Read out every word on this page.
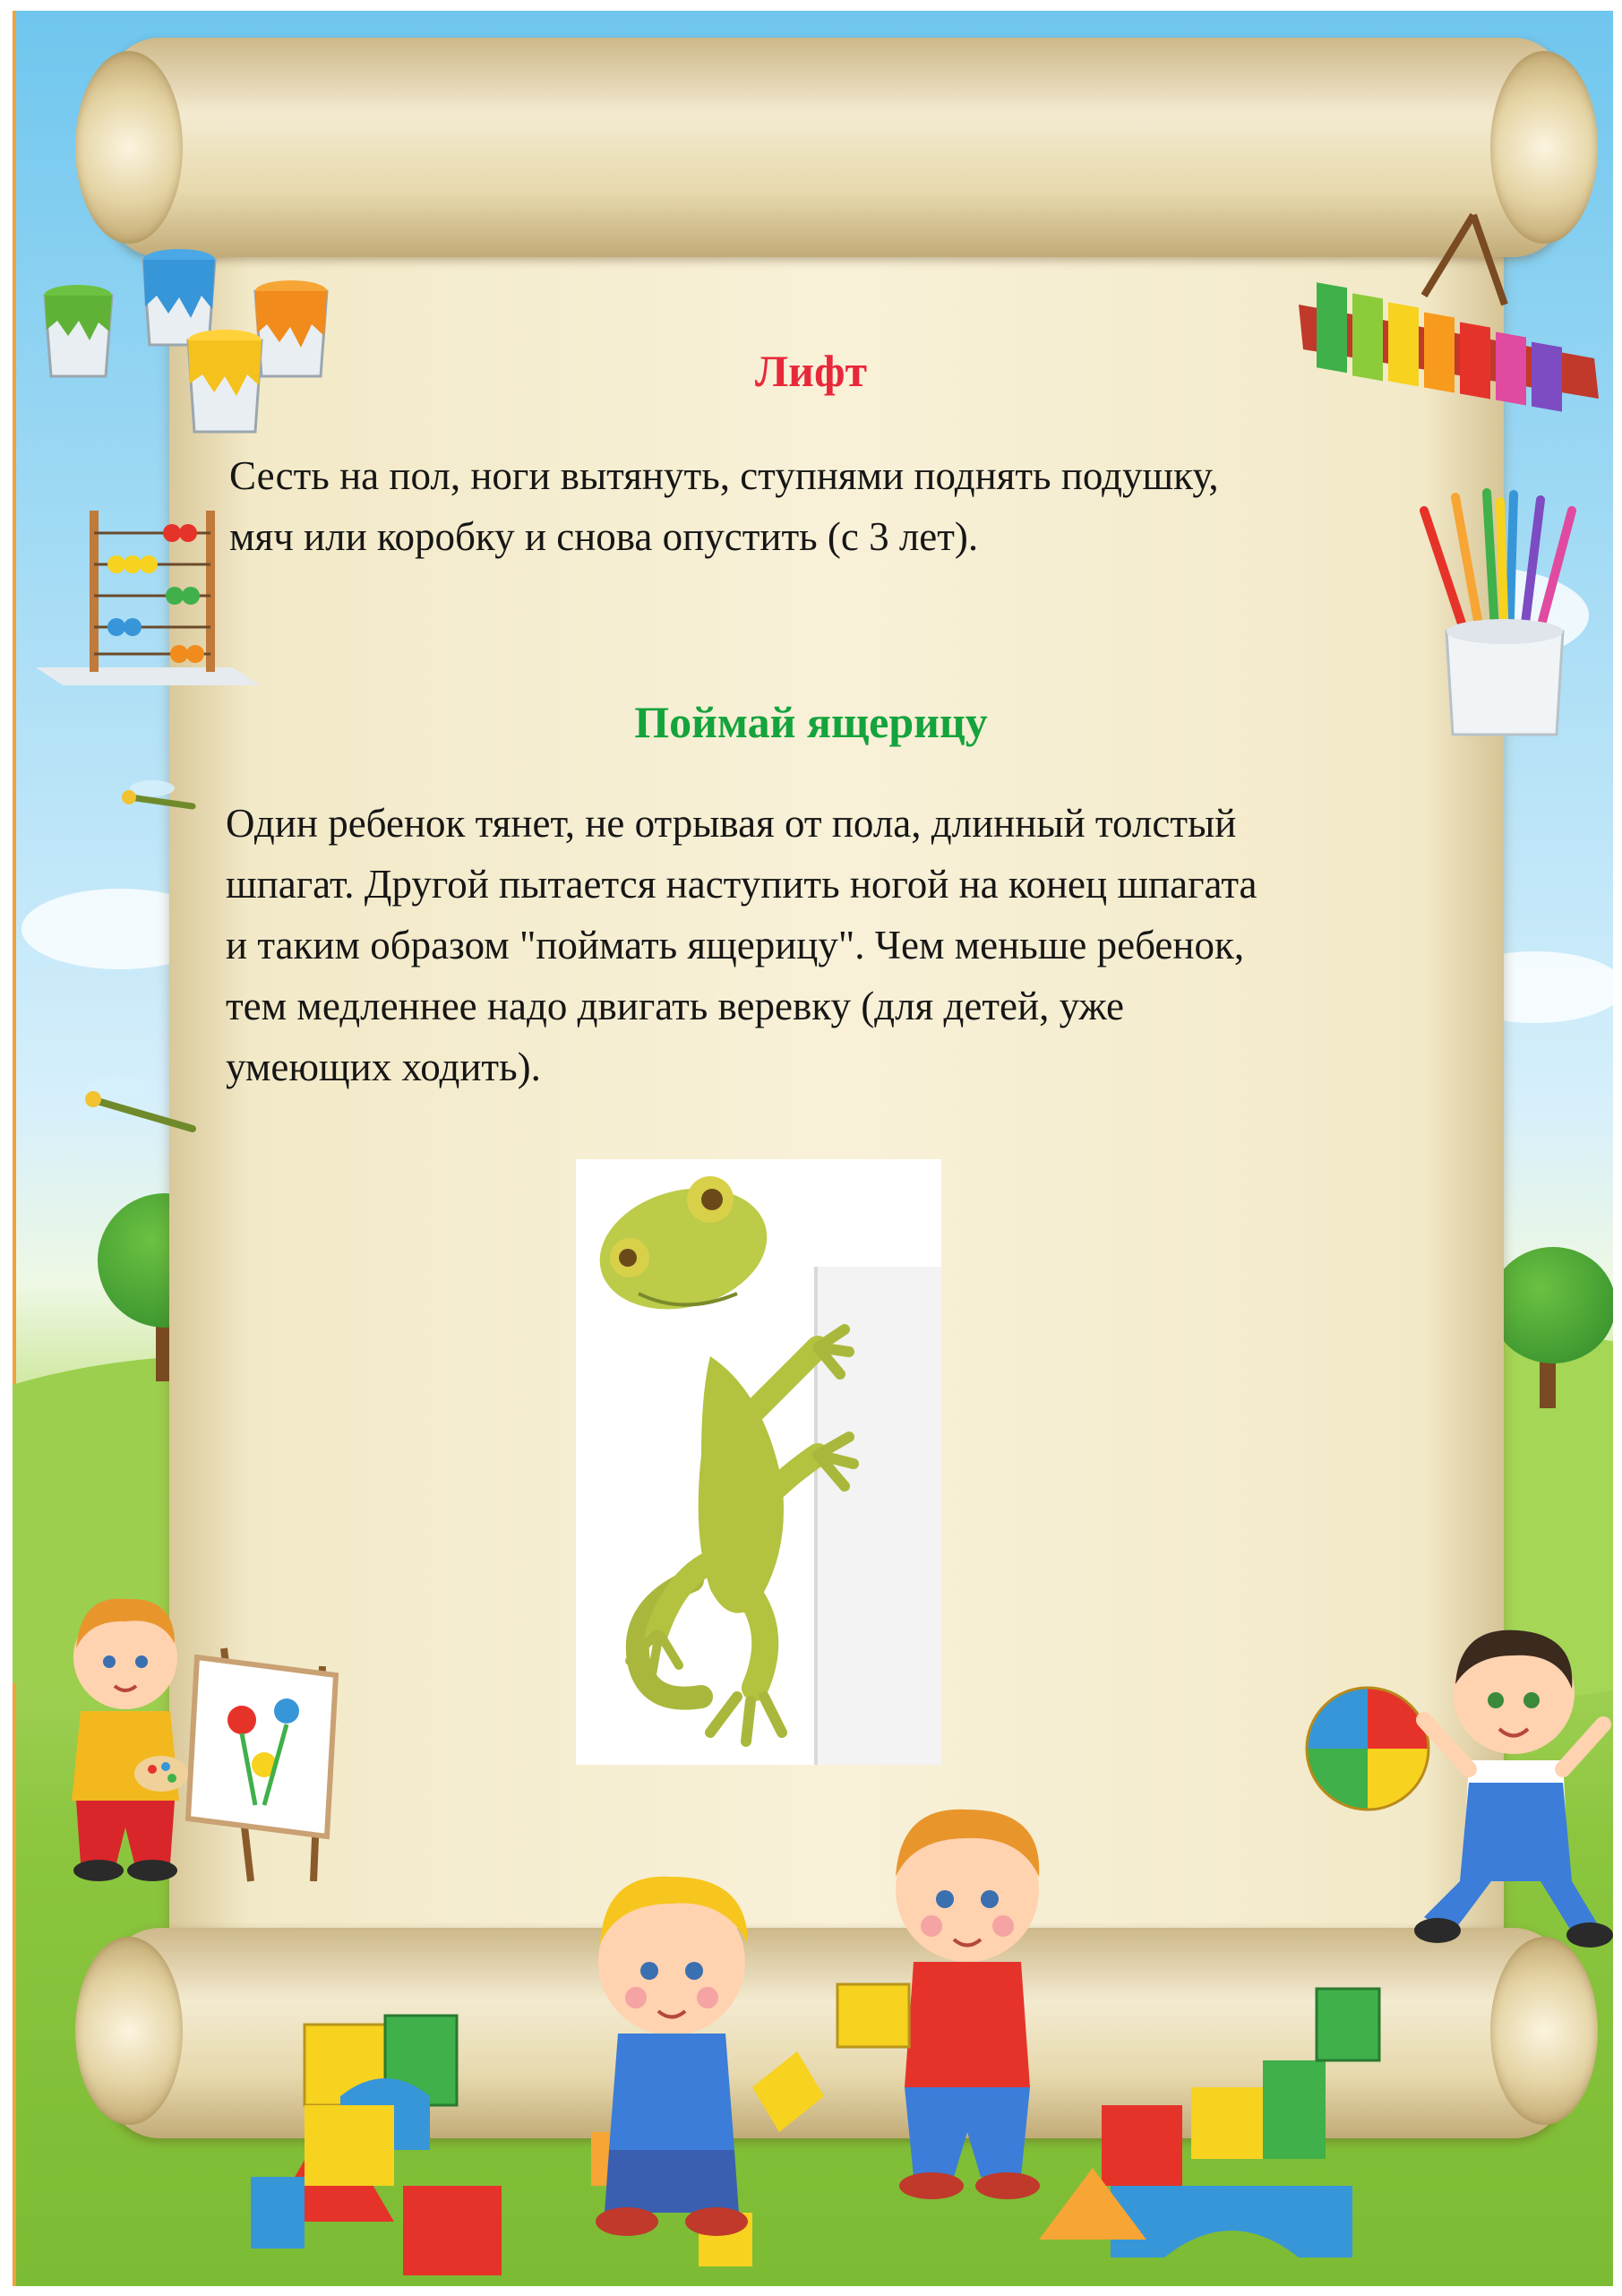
Лифт

Сесть на пол, ноги вытянуть, ступнями поднять подушку,
мяч или коробку и снова опустить (с 3 лет).

Поймай ящерицу

Один ребенок тянет, не отрывая от пола, длинный толстый
шпагат. Другой пытается наступить ногой на конец шпагата
и таким образом "поймать ящерицу". Чем меньше ребенок,
тем медленнее надо двигать веревку (для детей, уже
умеющих ходить).
